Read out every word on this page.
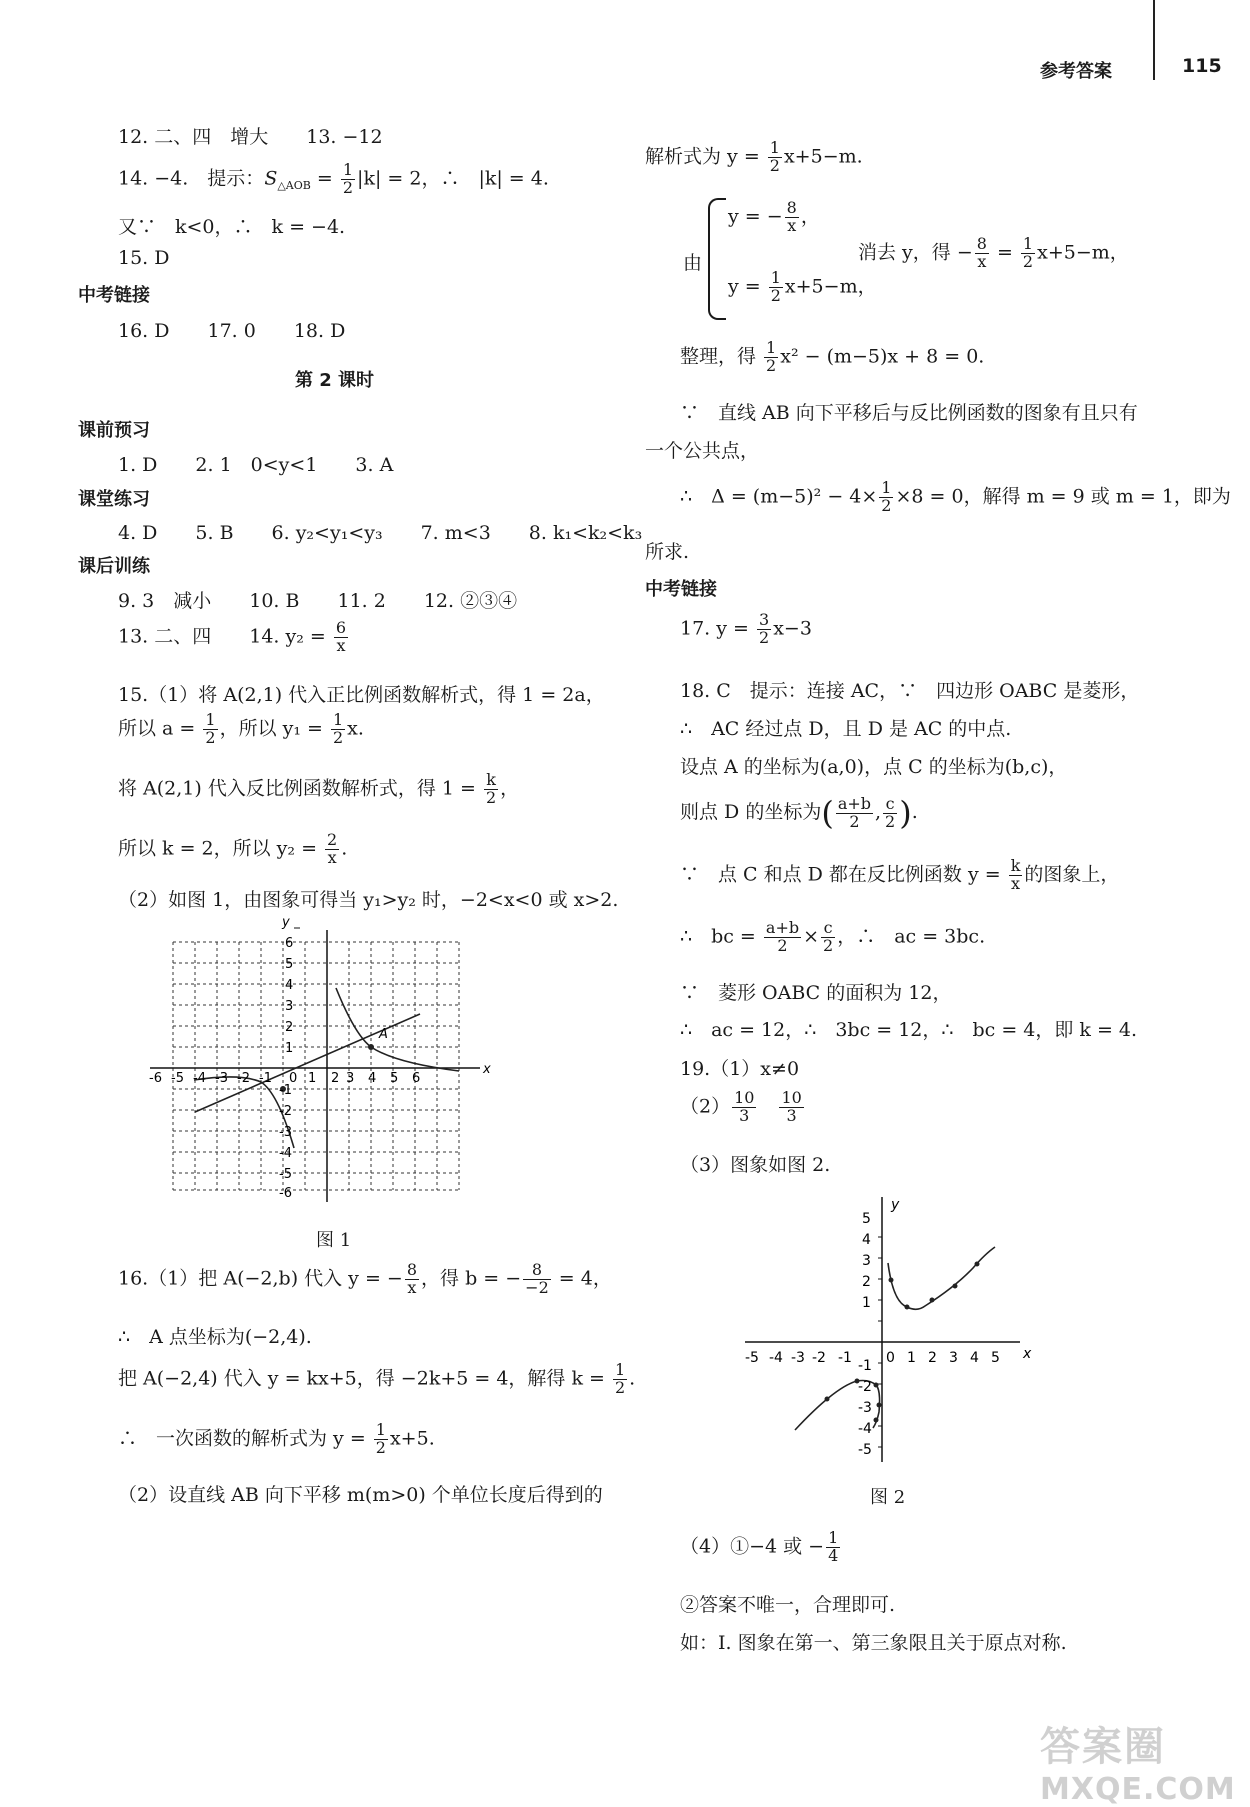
参考答案	115
12. 二、四　增大　　13. −12
14. −4.　提示：$S_{\triangle AOB} = \frac{1}{2} |k| = 2$，∴　|k| = 4.
又∵　k<0，∴　k = −4.
15. D
中考链接
16. D　　17. 0　　18. D
第 2 课时
课前预习
1. D　　2. 1　0<y<1　　3. A
课堂练习
4. D　　5. B　　6. y₂<y₁<y₃　　7. m<3　　8. k₁<k₂<k₃
课后训练
9. 3　减小　　10. B　　11. 2　　12. ②③④
13. 二、四　　14. $y_2 = \frac{6}{x}$
15.（1）将 A(2,1) 代入正比例函数解析式，得 1 = 2a，
所以 $a = \frac{1}{2}$ ，所以 $y_1 = \frac{1}{2} x$.
将 A(2,1) 代入反比例函数解析式，得 $1 = \frac{k}{2}$ ，
所以 k = 2，所以 $y_2 = \frac{2}{x}$ .
（2）如图 1，由图象可得当 y₁>y₂ 时，−2<x<0 或 x>2.
A
y
x
-6 -5 -4 -3 -2 -1 0 1 2 3 4 5 6
6
5
4
3
2
1
-1
-2
-3
-4
-5
-6
图 1
16.（1）把 A(−2,b) 代入 y = − $\frac{8}{x}$ ，得 b = − $\frac{8}{-2} = 4$，
∴　A 点坐标为(−2,4).
把 A(−2,4) 代入 y = kx+5，得 −2k+5 = 4，解得 $k = \frac{1}{2}$ .
∴　一次函数的解析式为 $y = \frac{1}{2} x+5$.
（2）设直线 AB 向下平移 m(m>0) 个单位长度后得到的
解析式为 $y = \frac{1}{2} x+5-m$.
由
y = − $\frac{8}{x}$ ，
$y = \frac{1}{2} x+5-m$，
消去 y，得 − $\frac{8}{x} = \frac{1}{2} x+5-m$，
整理，得 $\frac{1}{2} x^2 - (m-5)x + 8 = 0$.
∵　直线 AB 向下平移后与反比例函数的图象有且只有
一个公共点，
∴　$\Delta = (m-5)^2 - 4\times \frac{1}{2} \times 8 = 0$，解得 m = 9 或 m = 1，即为
所求.
中考链接
17. $y = \frac{3}{2} x-3$
18. C　提示：连接 AC，∵　四边形 OABC 是菱形，
∴　AC 经过点 D，且 D 是 AC 的中点.
设点 A 的坐标为(a,0)，点 C 的坐标为(b,c)，
则点 D 的坐标为( $\frac{a+b}{2}$ , $\frac{c}{2}$ ).
∵　点 C 和点 D 都在反比例函数 $y = \frac{k}{x}$ 的图象上，
∴　bc = $\frac{a+b}{2} \times \frac{c}{2}$ ，∴　ac = 3bc.
∵　菱形 OABC 的面积为 12，
∴　ac = 12，∴　3bc = 12，∴　bc = 4，即 k = 4.
19.（1）x≠0
$(2) \frac{10}{3}$
　 $\frac{10}{3}$
（3）图象如图 2.
y
x
-5 -4 -3 -2 -1 0 1 2 3 4 5
5
4
3
2
1
-1
-2
-3
-4
-5
图 2
（4）①−4 或 − $\frac{1}{4}$
②答案不唯一，合理即可.
如：Ⅰ. 图象在第一、第三象限且关于原点对称.
答案圈
MXQE.COM
